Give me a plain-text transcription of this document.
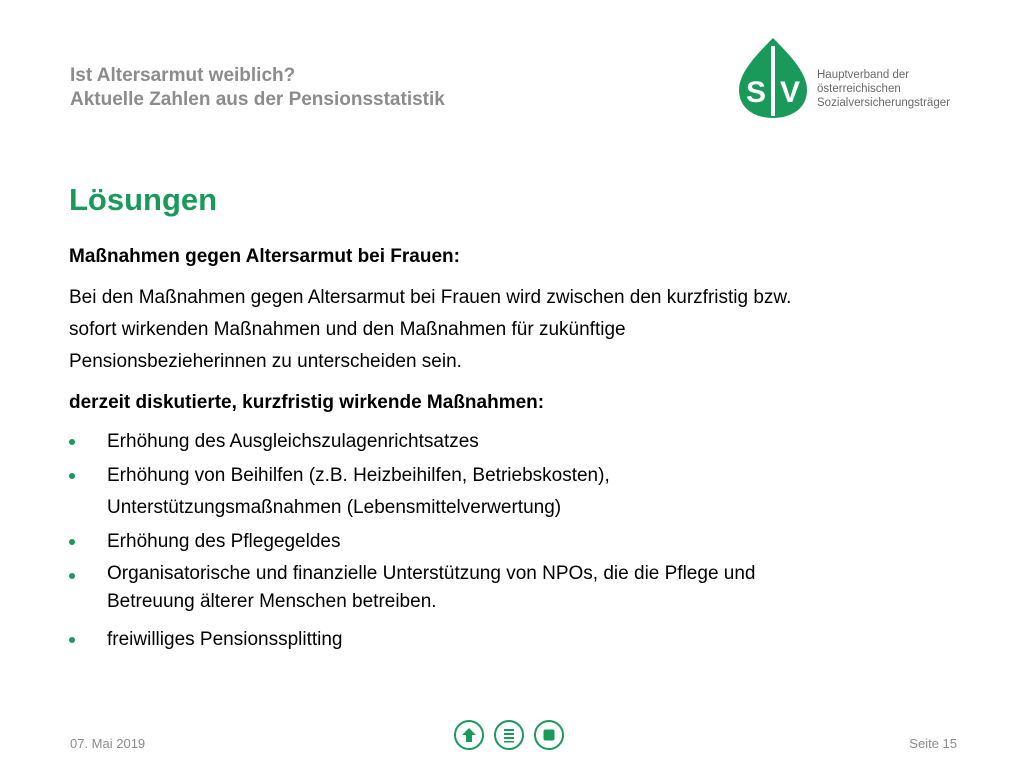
Ist Altersarmut weiblich?
Aktuelle Zahlen aus der Pensionsstatistik	S V
Hauptverband der
österreichischen
Sozialversicherungsträger
Lösungen
Maßnahmen gegen Altersarmut bei Frauen:
Bei den Maßnahmen gegen Altersarmut bei Frauen wird zwischen den kurzfristig bzw.
sofort wirkenden Maßnahmen und den Maßnahmen für zukünftige
Pensionsbezieherinnen zu unterscheiden sein.
derzeit diskutierte, kurzfristig wirkende Maßnahmen:
Erhöhung des Ausgleichszulagenrichtsatzes
Erhöhung von Beihilfen (z.B. Heizbeihilfen, Betriebskosten),
Unterstützungsmaßnahmen (Lebensmittelverwertung)
Erhöhung des Pflegegeldes
Organisatorische und finanzielle Unterstützung von NPOs, die die Pflege und
Betreuung älterer Menschen betreiben.
freiwilliges Pensionssplitting
07. Mai 2019	Seite 15
